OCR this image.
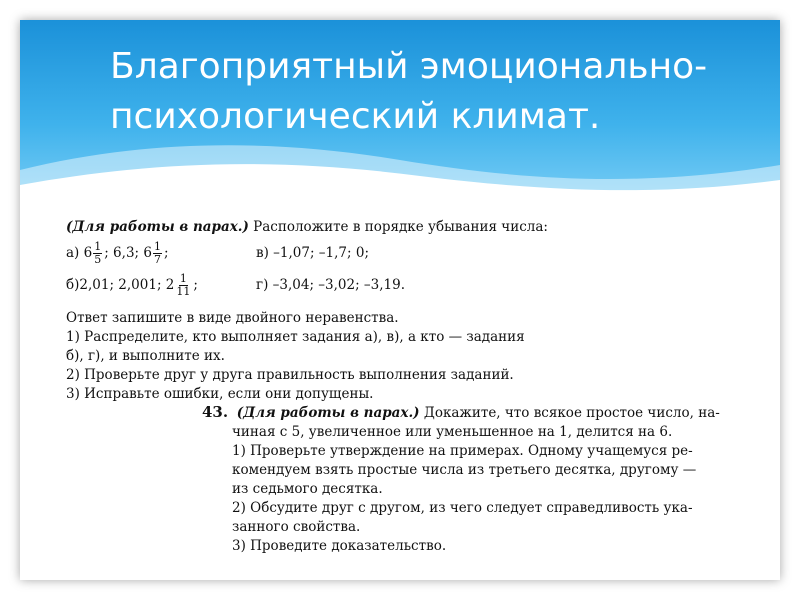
Благоприятный эмоционально-
психологический климат.

(Для работы в парах.) Расположите в порядке убывания числа:

а)
$6 \frac{1}{5}$ ; 6,3; $6 \frac{1}{7}$ ;	в) –1,07; –1,7; 0;
б) 2,01; 2,001; $2 \frac{1}{11}$ ;	г) –3,04; –3,02; –3,19.

Ответ запишите в виде двойного неравенства.

1) Распределите, кто выполняет задания а), в), а кто — задания

б), г), и выполните их.

2) Проверьте друг у друга правильность выполнения заданий.

3) Исправьте ошибки, если они допущены.

43. (Для работы в парах.) Докажите, что всякое простое число, на-

чиная с 5, увеличенное или уменьшенное на 1, делится на 6.

1) Проверьте утверждение на примерах. Одному учащемуся ре-

комендуем взять простые числа из третьего десятка, другому —

из седьмого десятка.

2) Обсудите друг с другом, из чего следует справедливость ука-

занного свойства.

3) Проведите доказательство.
